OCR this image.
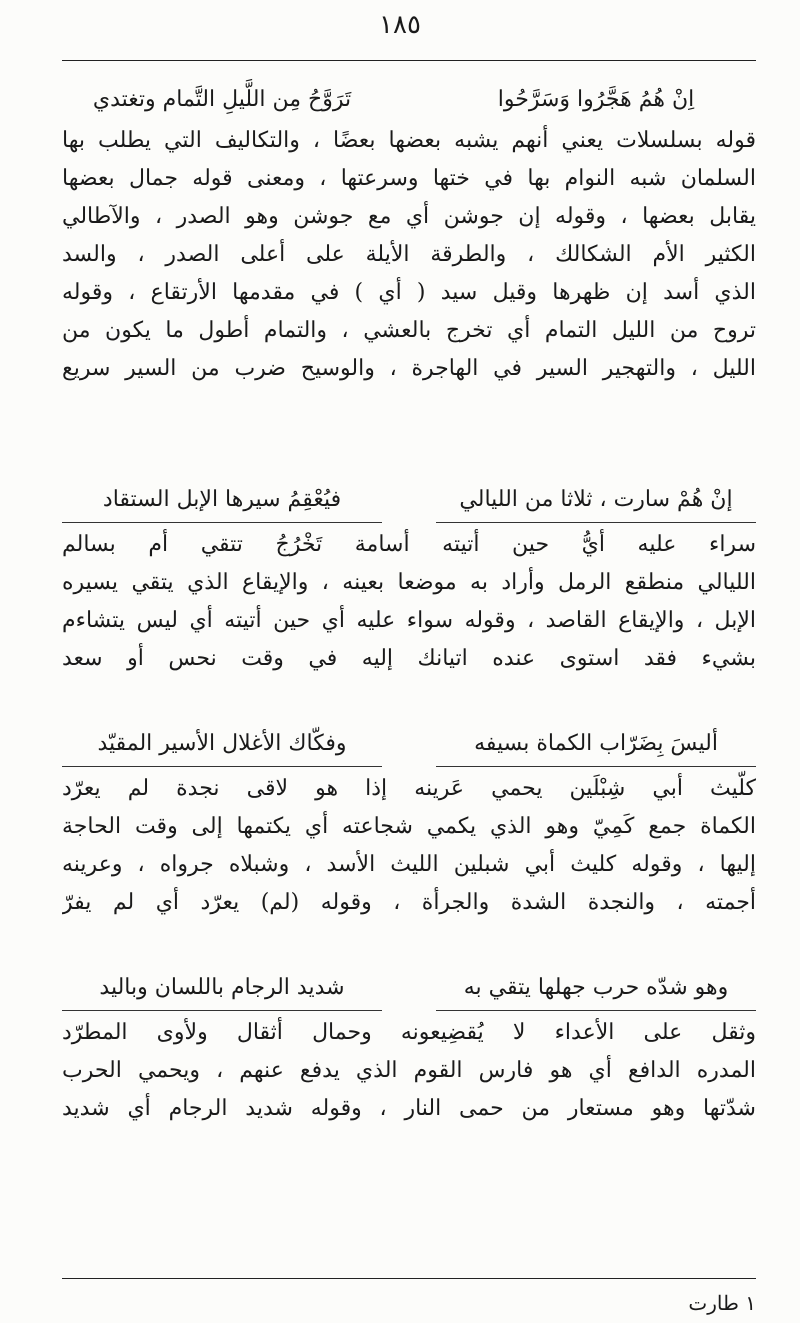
١٨٥
اِنْ هُمُ هَجَّرُوا وَسَرَّحُوا
تَرَوَّحُ مِن اللَّيلِ التَّمام وتغتدي
قوله بسلسلات يعني أنهم يشبه بعضها بعضًا ، والتكاليف التي يطلب بها
السلمان شبه النوام بها في ختها وسرعتها ، ومعنى قوله جمال بعضها
يقابل بعضها ، وقوله إن جوشن أي مع جوشن وهو الصدر ، والآطالي
الكثير الأم الشكالك ، والطرقة الأيلة على أعلى الصدر ، والسد
الذي أسد إن ظهرها وقيل سيد ( أي ) في مقدمها الأرتقاع ، وقوله
تروح من الليل التمام أي تخرج بالعشي ، والتمام أطول ما يكون من
الليل ، والتهجير السير في الهاجرة ، والوسيح ضرب من السير سريع
إنْ هُمْ سارت ، ثلاثا من الليالي
فيُعْقِمُ سيرها الإبل الستقاد
سراء عليه أيُّ حين أتيته أسامة تَخْرُجُ تتقي أم بسالم
الليالي منطقع الرمل وأراد به موضعا بعينه ، والإيقاع الذي يتقي يسيره
الإبل ، والإيقاع القاصد ، وقوله سواء عليه أي حين أتيته أي ليس يتشاءم
بشيء فقد استوى عنده اتيانك إليه في وقت نحس أو سعد
أليسَ بِضَرّاب الكماة بسيفه
وفكّاك الأغلال الأسير المقيّد
كلّيث أبي شِبْلَين يحمي عَرينه إذا هو لاقى نجدة لم يعرّد
الكماة جمع كَمِيّ وهو الذي يكمي شجاعته أي يكتمها إلى وقت الحاجة
إليها ، وقوله كليث أبي شبلين الليث الأسد ، وشبلاه جرواه ، وعرينه
أجمته ، والنجدة الشدة والجرأة ، وقوله (لم) يعرّد أي لم يفرّ
وهو شدّه حرب جهلها يتقي به
شديد الرجام باللسان وباليد
وثقل على الأعداء لا يُقضِيعونه وحمال أثقال ولأوى المطرّد
المدره الدافع أي هو فارس القوم الذي يدفع عنهم ، ويحمي الحرب
شدّتها وهو مستعار من حمى النار ، وقوله شديد الرجام أي شديد
١ طارت
